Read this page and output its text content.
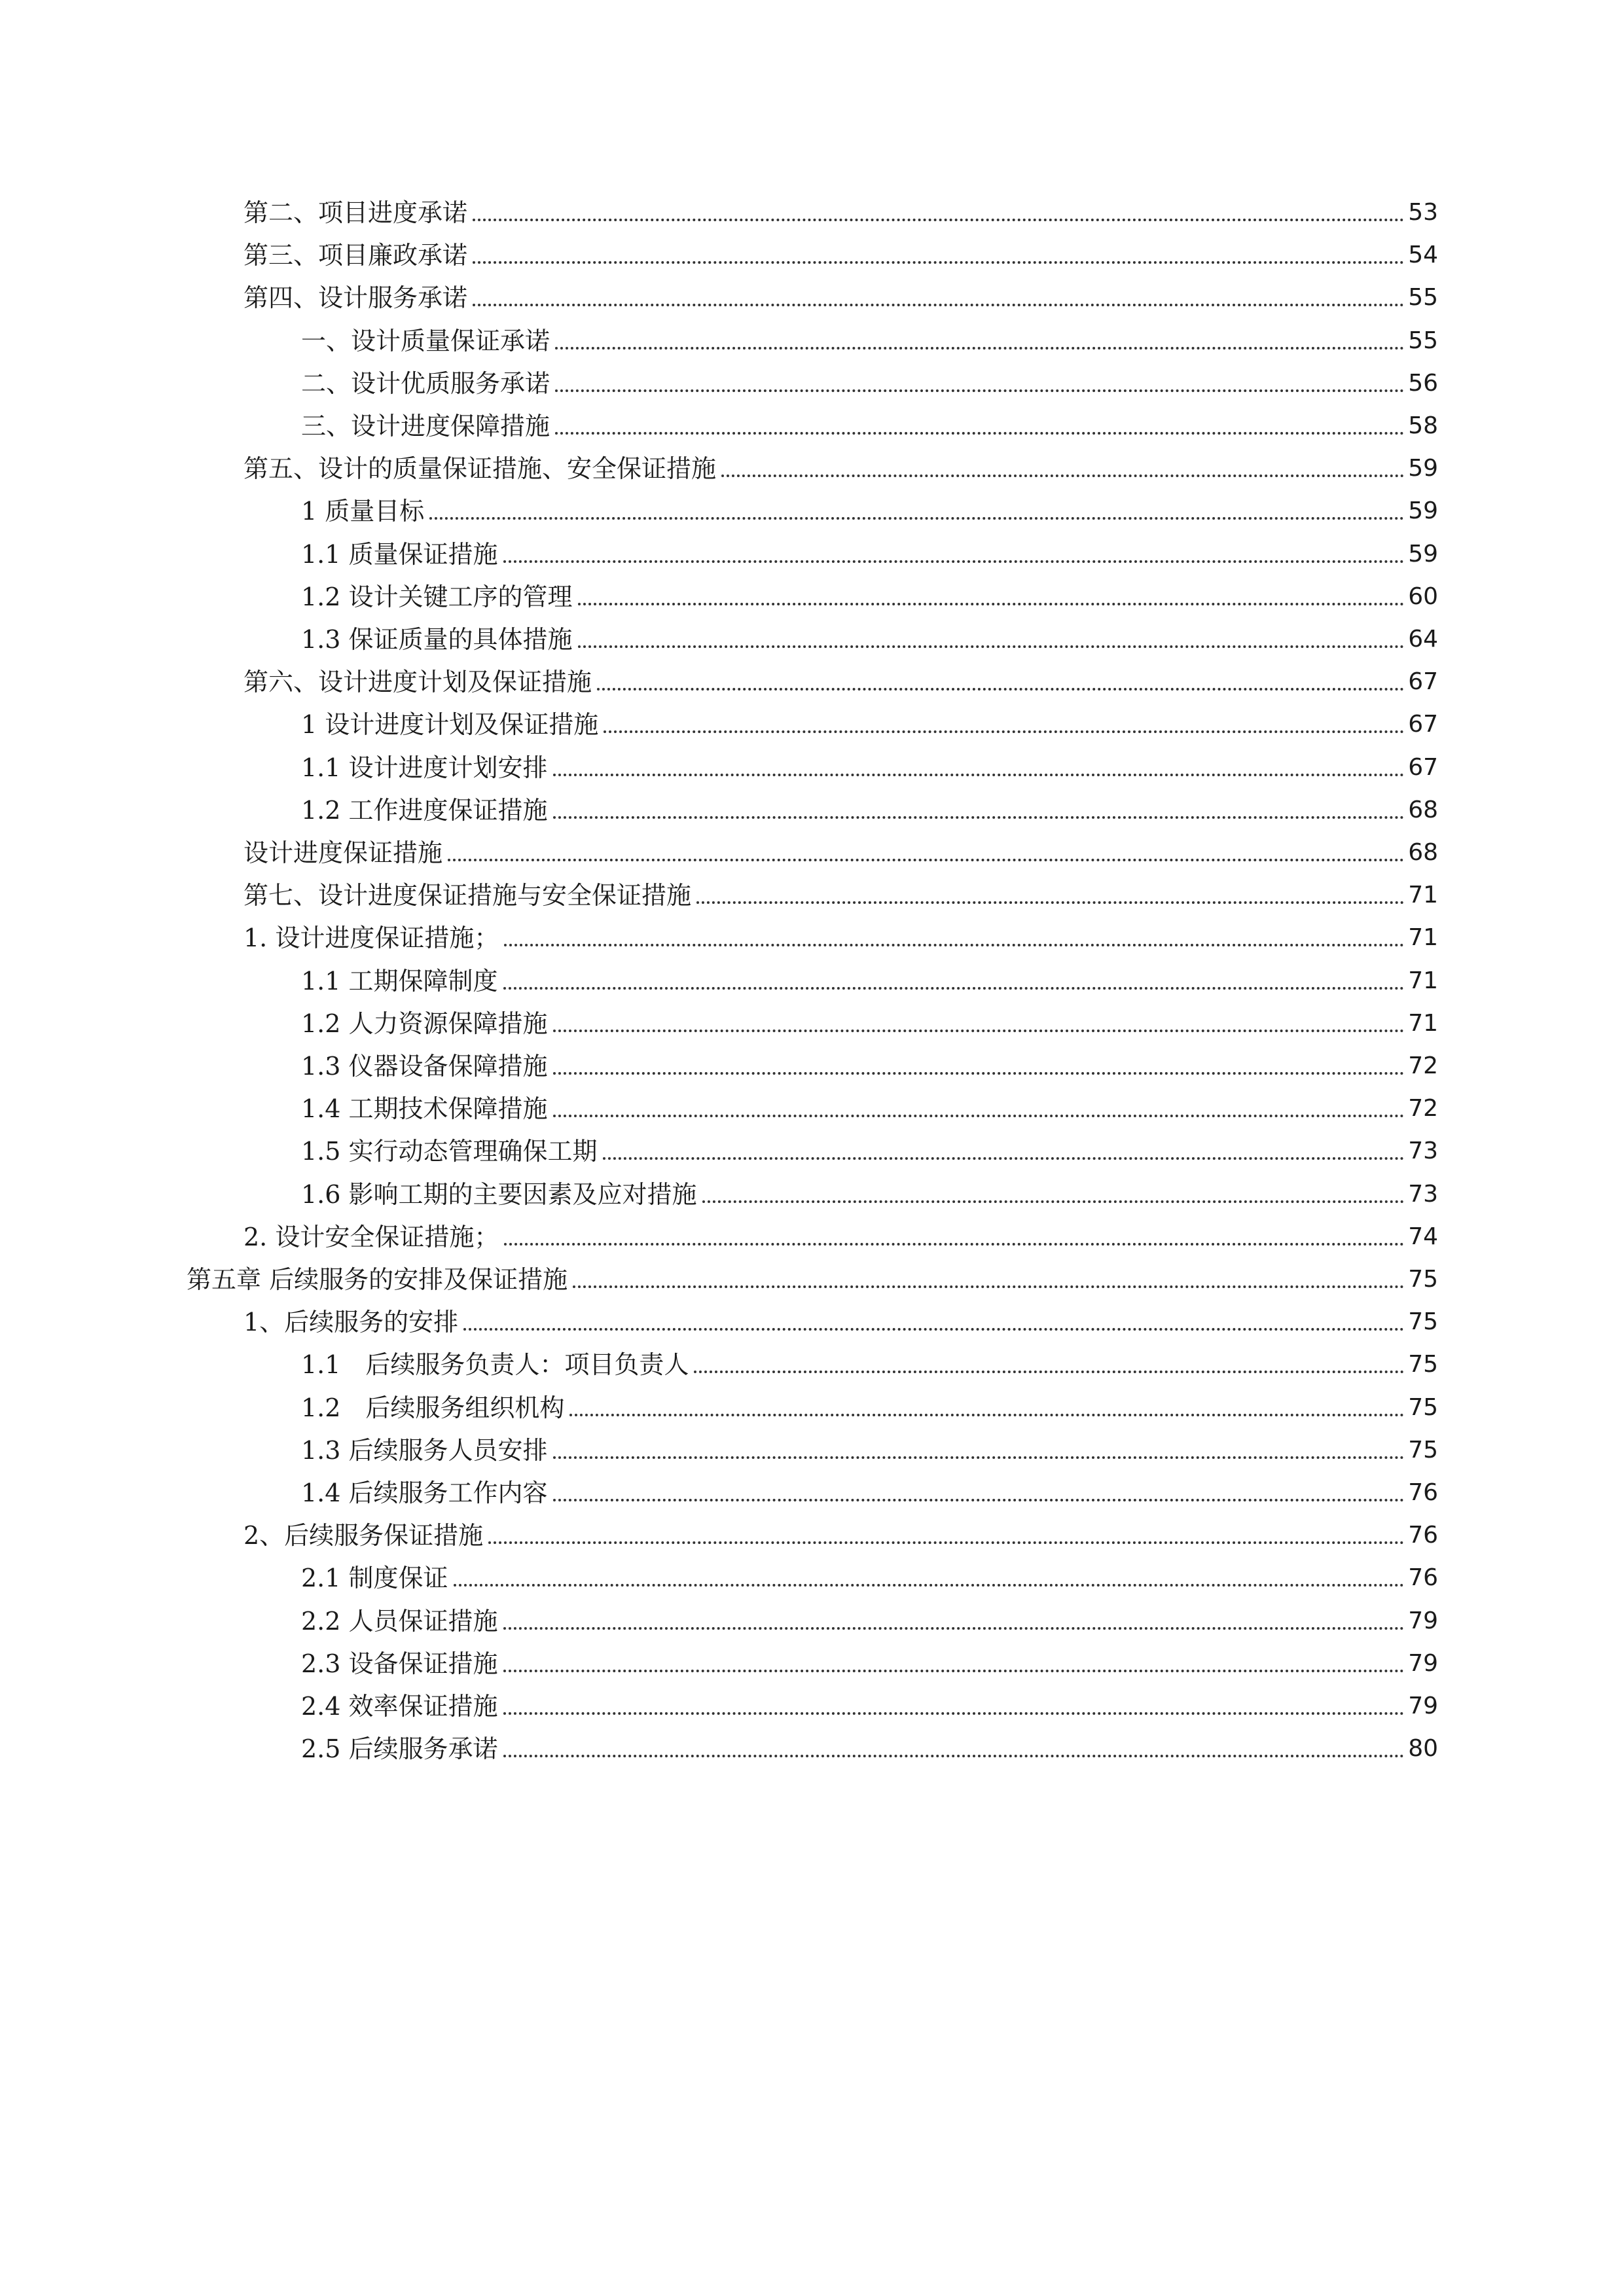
第二、项目进度承诺	53
第三、项目廉政承诺	54
第四、设计服务承诺	55
一、设计质量保证承诺	55
二、设计优质服务承诺	56
三、设计进度保障措施	58
第五、设计的质量保证措施、安全保证措施	59
1 质量目标	59
1.1 质量保证措施	59
1.2 设计关键工序的管理	60
1.3 保证质量的具体措施	64
第六、设计进度计划及保证措施	67
1 设计进度计划及保证措施	67
1.1 设计进度计划安排	67
1.2 工作进度保证措施	68
设计进度保证措施	68
第七、设计进度保证措施与安全保证措施	71
1. 设计进度保证措施；	71
1.1 工期保障制度	71
1.2 人力资源保障措施	71
1.3 仪器设备保障措施	72
1.4 工期技术保障措施	72
1.5 实行动态管理确保工期	73
1.6 影响工期的主要因素及应对措施	73
2. 设计安全保证措施；	74
第五章 后续服务的安排及保证措施	75
1、后续服务的安排	75
1.1　后续服务负责人：项目负责人	75
1.2　后续服务组织机构	75
1.3 后续服务人员安排	75
1.4 后续服务工作内容	76
2、后续服务保证措施	76
2.1 制度保证	76
2.2 人员保证措施	79
2.3 设备保证措施	79
2.4 效率保证措施	79
2.5 后续服务承诺	80
